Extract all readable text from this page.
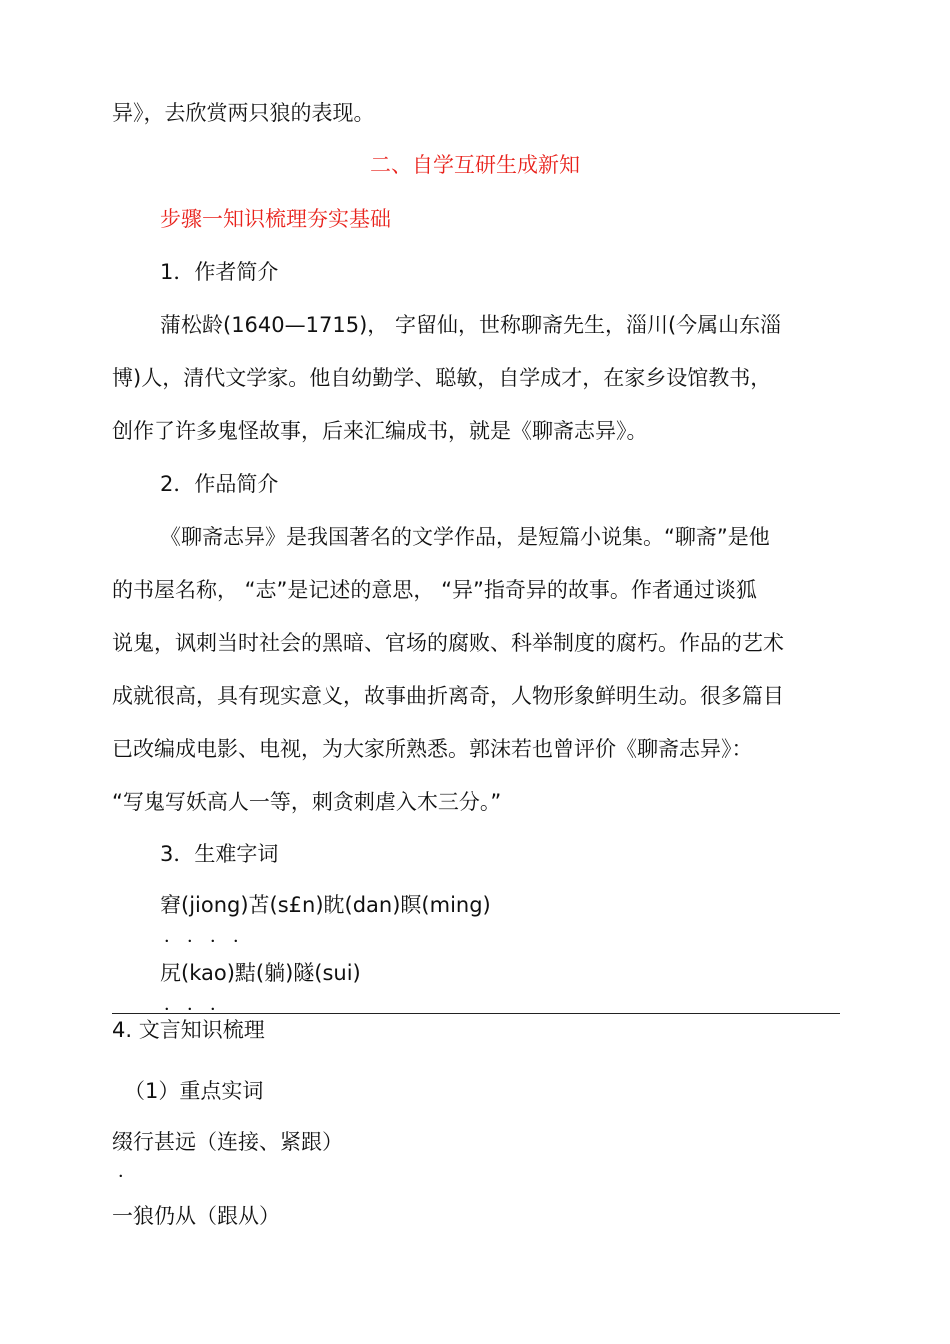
异》，去欣赏两只狼的表现。
二、自学互研生成新知
步骤一知识梳理夯实基础
1．作者简介
蒲松龄(1640—1715)， 字留仙，世称聊斋先生，淄川(今属山东淄
博)人，清代文学家。他自幼勤学、聪敏，自学成才，在家乡设馆教书，
创作了许多鬼怪故事，后来汇编成书，就是《聊斋志异》。
2．作品简介
《聊斋志异》是我国著名的文学作品，是短篇小说集。“聊斋”是他
的书屋名称， “志”是记述的意思， “异”指奇异的故事。作者通过谈狐
说鬼，讽刺当时社会的黑暗、官场的腐败、科举制度的腐朽。作品的艺术
成就很高，具有现实意义，故事曲折离奇，人物形象鲜明生动。很多篇目
已改编成电影、电视，为大家所熟悉。郭沫若也曾评价《聊斋志异》：
“写鬼写妖高人一等，刺贪刺虐入木三分。”
3．生难字词
窘(jiong)苫(s£n)眈(dan)瞑(ming)
．．．．
尻(kao)黠(躺)隧(sui)
．．．
4. 文言知识梳理
（1）重点实词
缀行甚远（连接、紧跟）
．
一狼仍从（跟从）
